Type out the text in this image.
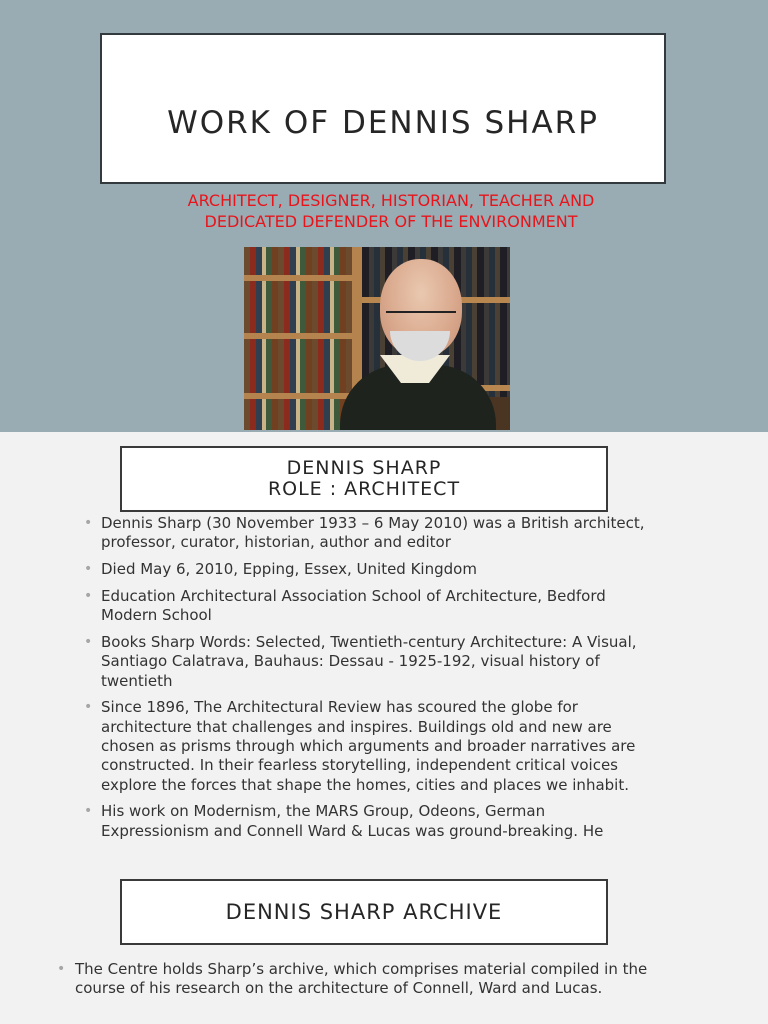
WORK OF DENNIS SHARP
ARCHITECT, DESIGNER, HISTORIAN, TEACHER AND
DEDICATED DEFENDER OF THE ENVIRONMENT
DENNIS SHARP
ROLE : ARCHITECT
• Dennis Sharp (30 November 1933 – 6 May 2010) was a British architect, professor, curator, historian, author and editor
• Died May 6, 2010, Epping, Essex, United Kingdom
• Education Architectural Association School of Architecture, Bedford Modern School
• Books Sharp Words: Selected, Twentieth-century Architecture: A Visual, Santiago Calatrava, Bauhaus: Dessau - 1925-192, visual history of twentieth
• Since 1896, The Architectural Review has scoured the globe for architecture that challenges and inspires. Buildings old and new are chosen as prisms through which arguments and broader narratives are constructed. In their fearless storytelling, independent critical voices explore the forces that shape the homes, cities and places we inhabit.
• His work on Modernism, the MARS Group, Odeons, German Expressionism and Connell Ward & Lucas was ground-breaking. He
DENNIS SHARP ARCHIVE
• The Centre holds Sharp’s archive, which comprises material compiled in the course of his research on the architecture of Connell, Ward and Lucas.
